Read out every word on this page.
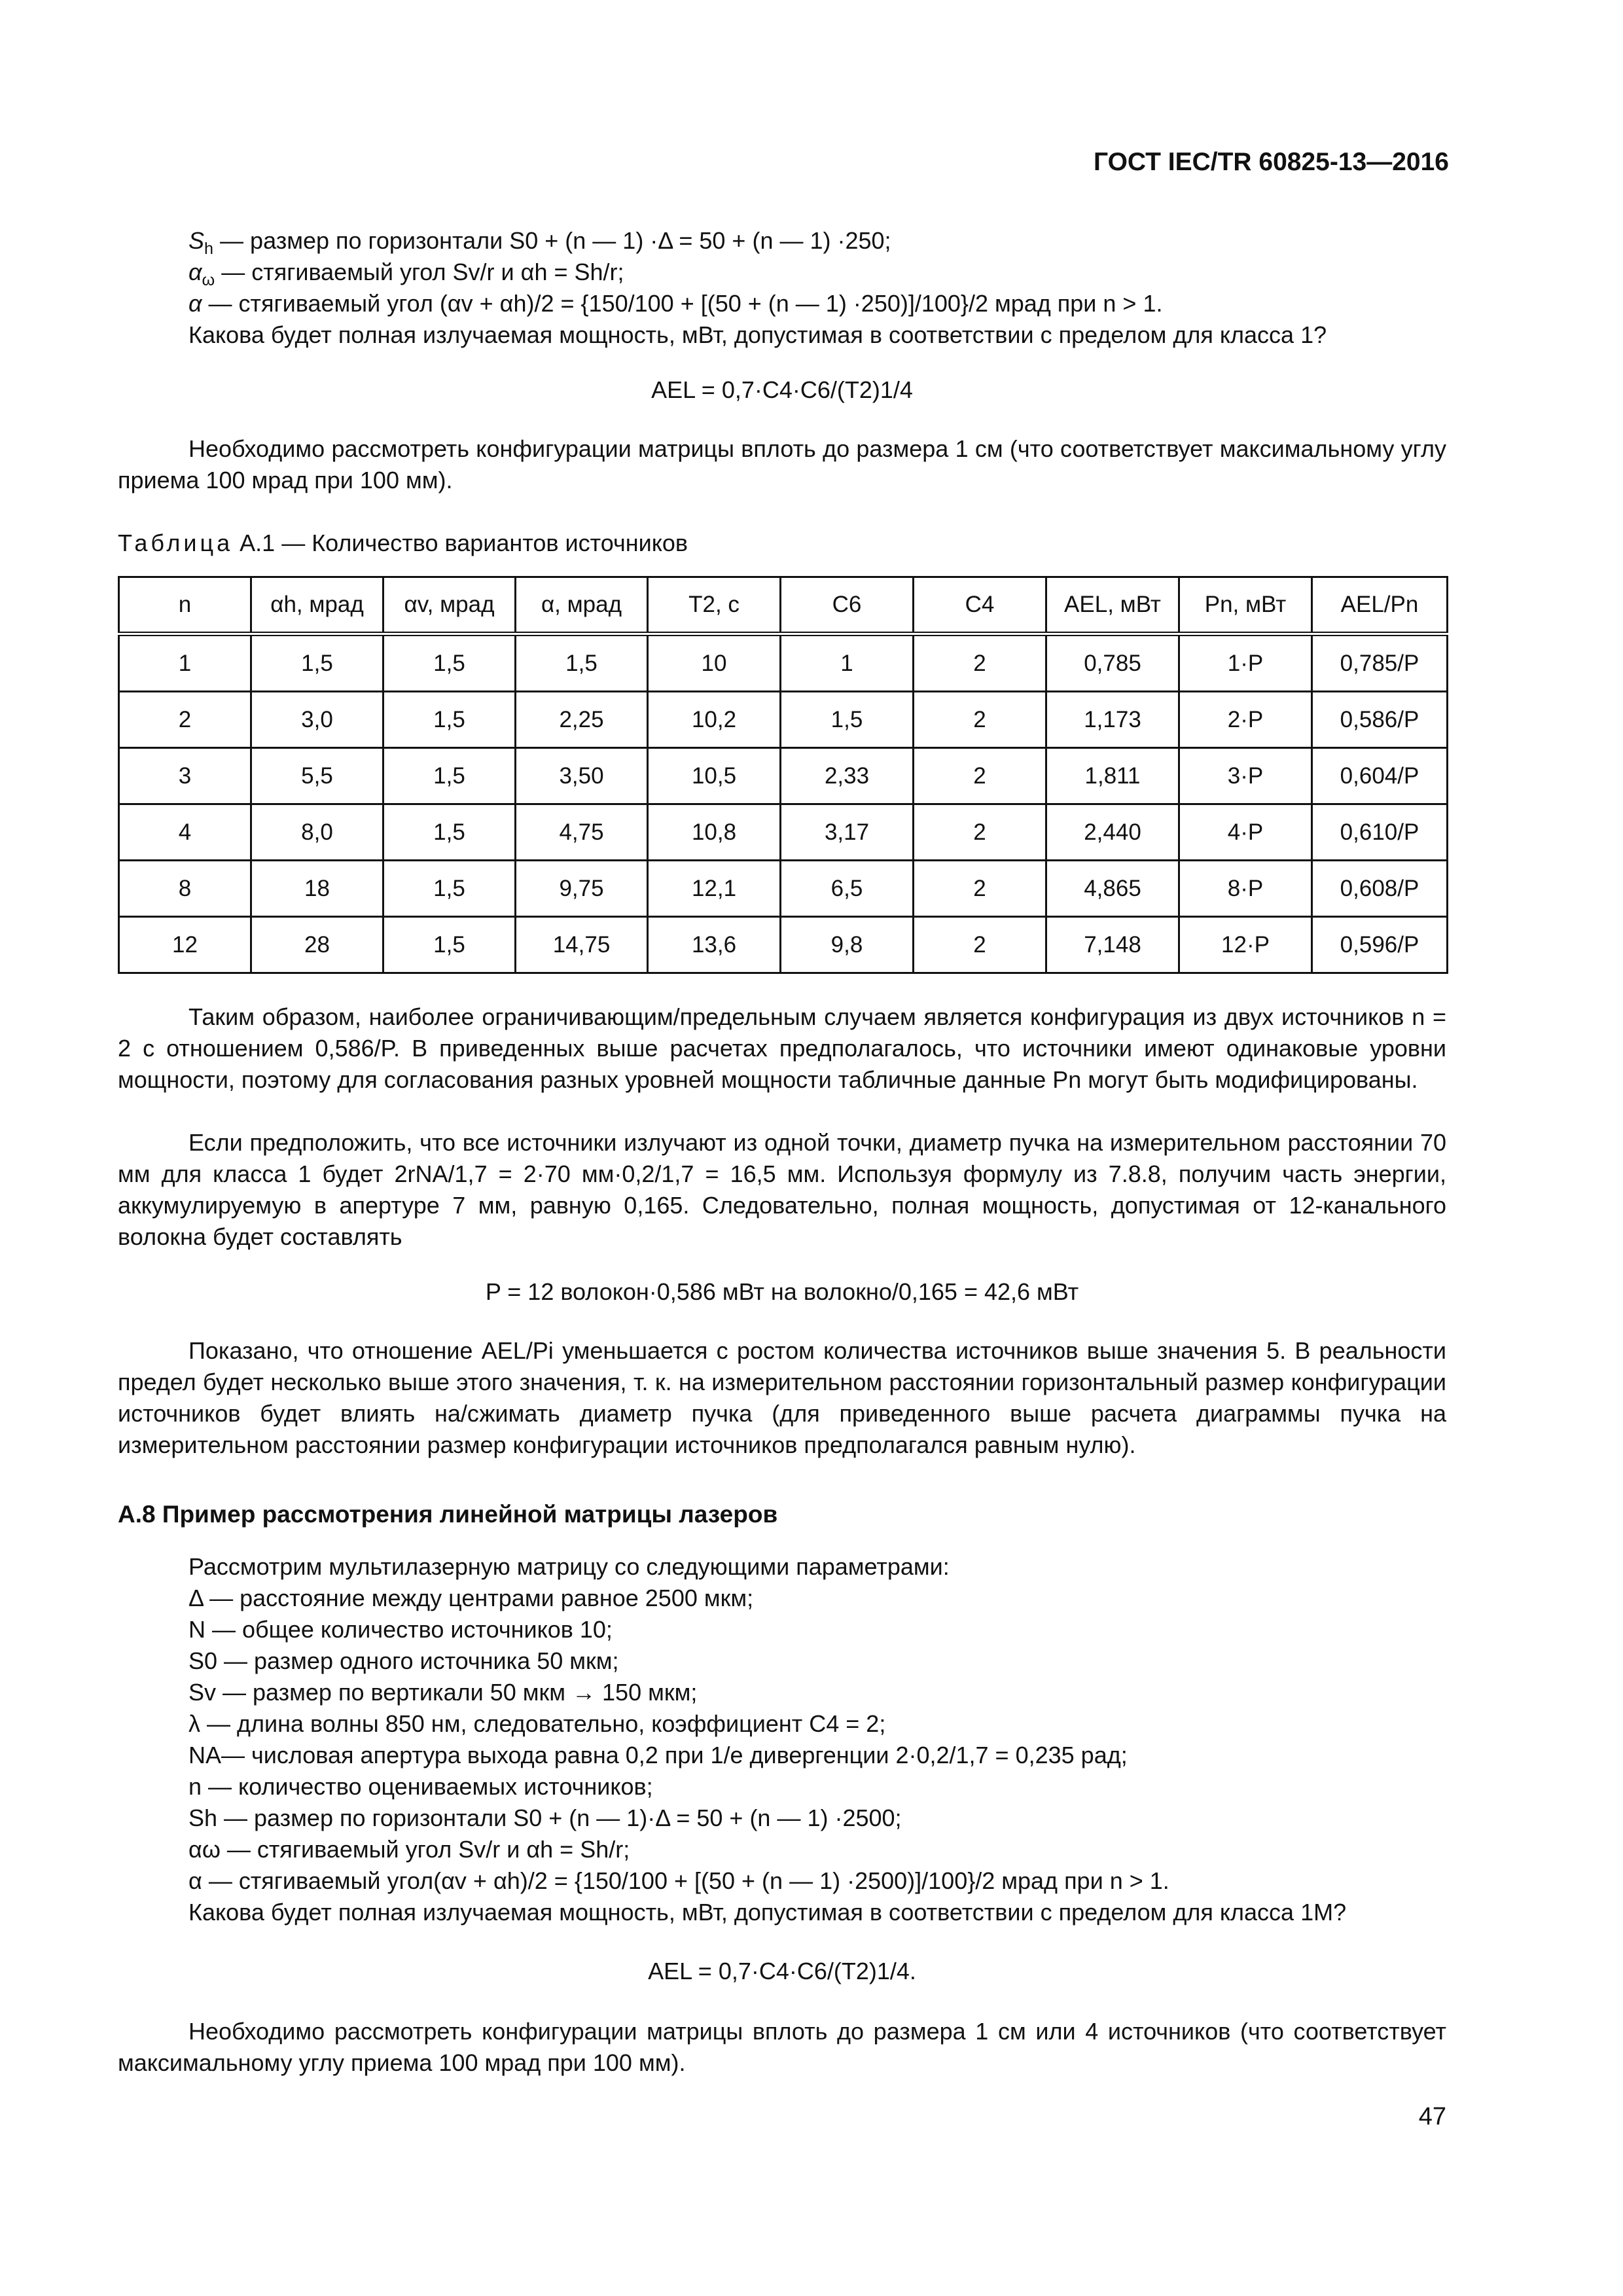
ГОСТ IEC/TR 60825-13—2016
$S_h$ — размер по горизонтали S0 + (n — 1) ·Δ = 50 + (n — 1) ·250;
$\alpha_\omega$ — стягиваемый угол Sv/r и αh = Sh/r;
α — стягиваемый угол (αv + αh)/2 = {150/100 + [(50 + (n — 1) ·250)]/100}/2 мрад при n > 1.
Какова будет полная излучаемая мощность, мВт, допустимая в соответствии с пределом для класса 1?
AEL = 0,7·C4·C6/(T2)1/4
Необходимо рассмотреть конфигурации матрицы вплоть до размера 1 см (что соответствует максимальному углу приема 100 мрад при 100 мм).
Таблица А.1 — Количество вариантов источников
n	αh, мрад	αv, мрад	α, мрад	T2, с	C6	C4	AEL, мВт	Pn, мВт	AEL/Pn
1	1,5	1,5	1,5	10	1	2	0,785	1·P	0,785/P
2	3,0	1,5	2,25	10,2	1,5	2	1,173	2·P	0,586/P
3	5,5	1,5	3,50	10,5	2,33	2	1,811	3·P	0,604/P
4	8,0	1,5	4,75	10,8	3,17	2	2,440	4·P	0,610/P
8	18	1,5	9,75	12,1	6,5	2	4,865	8·P	0,608/P
12	28	1,5	14,75	13,6	9,8	2	7,148	12·P	0,596/P
Таким образом, наиболее ограничивающим/предельным случаем является конфигурация из двух источников n = 2 с отношением 0,586/P. В приведенных выше расчетах предполагалось, что источники имеют одинаковые уровни мощности, поэтому для согласования разных уровней мощности табличные данные Pn могут быть модифицированы.
Если предположить, что все источники излучают из одной точки, диаметр пучка на измерительном расстоянии 70 мм для класса 1 будет 2rNA/1,7 = 2·70 мм·0,2/1,7 = 16,5 мм. Используя формулу из 7.8.8, получим часть энергии, аккумулируемую в апертуре 7 мм, равную 0,165. Следовательно, полная мощность, допустимая от 12-канального волокна будет составлять
P = 12 волокон·0,586 мВт на волокно/0,165 = 42,6 мВт
Показано, что отношение AEL/Pi уменьшается с ростом количества источников выше значения 5. В реальности предел будет несколько выше этого значения, т. к. на измерительном расстоянии горизонтальный размер конфигурации источников будет влиять на/сжимать диаметр пучка (для приведенного выше расчета диаграммы пучка на измерительном расстоянии размер конфигурации источников предполагался равным нулю).
А.8 Пример рассмотрения линейной матрицы лазеров
Рассмотрим мультилазерную матрицу со следующими параметрами:
Δ — расстояние между центрами равное 2500 мкм;
N — общее количество источников 10;
S0 — размер одного источника 50 мкм;
Sv — размер по вертикали 50 мкм → 150 мкм;
λ — длина волны 850 нм, следовательно, коэффициент C4 = 2;
NA— числовая апертура выхода равна 0,2 при 1/e дивергенции 2·0,2/1,7 = 0,235 рад;
n — количество оцениваемых источников;
Sh — размер по горизонтали S0 + (n — 1)·Δ = 50 + (n — 1) ·2500;
αω — стягиваемый угол Sv/r и αh = Sh/r;
α — стягиваемый угол(αv + αh)/2 = {150/100 + [(50 + (n — 1) ·2500)]/100}/2 мрад при n > 1.
Какова будет полная излучаемая мощность, мВт, допустимая в соответствии с пределом для класса 1М?
AEL = 0,7·C4·C6/(T2)1/4.
Необходимо рассмотреть конфигурации матрицы вплоть до размера 1 см или 4 источников (что соответствует максимальному углу приема 100 мрад при 100 мм).
47
